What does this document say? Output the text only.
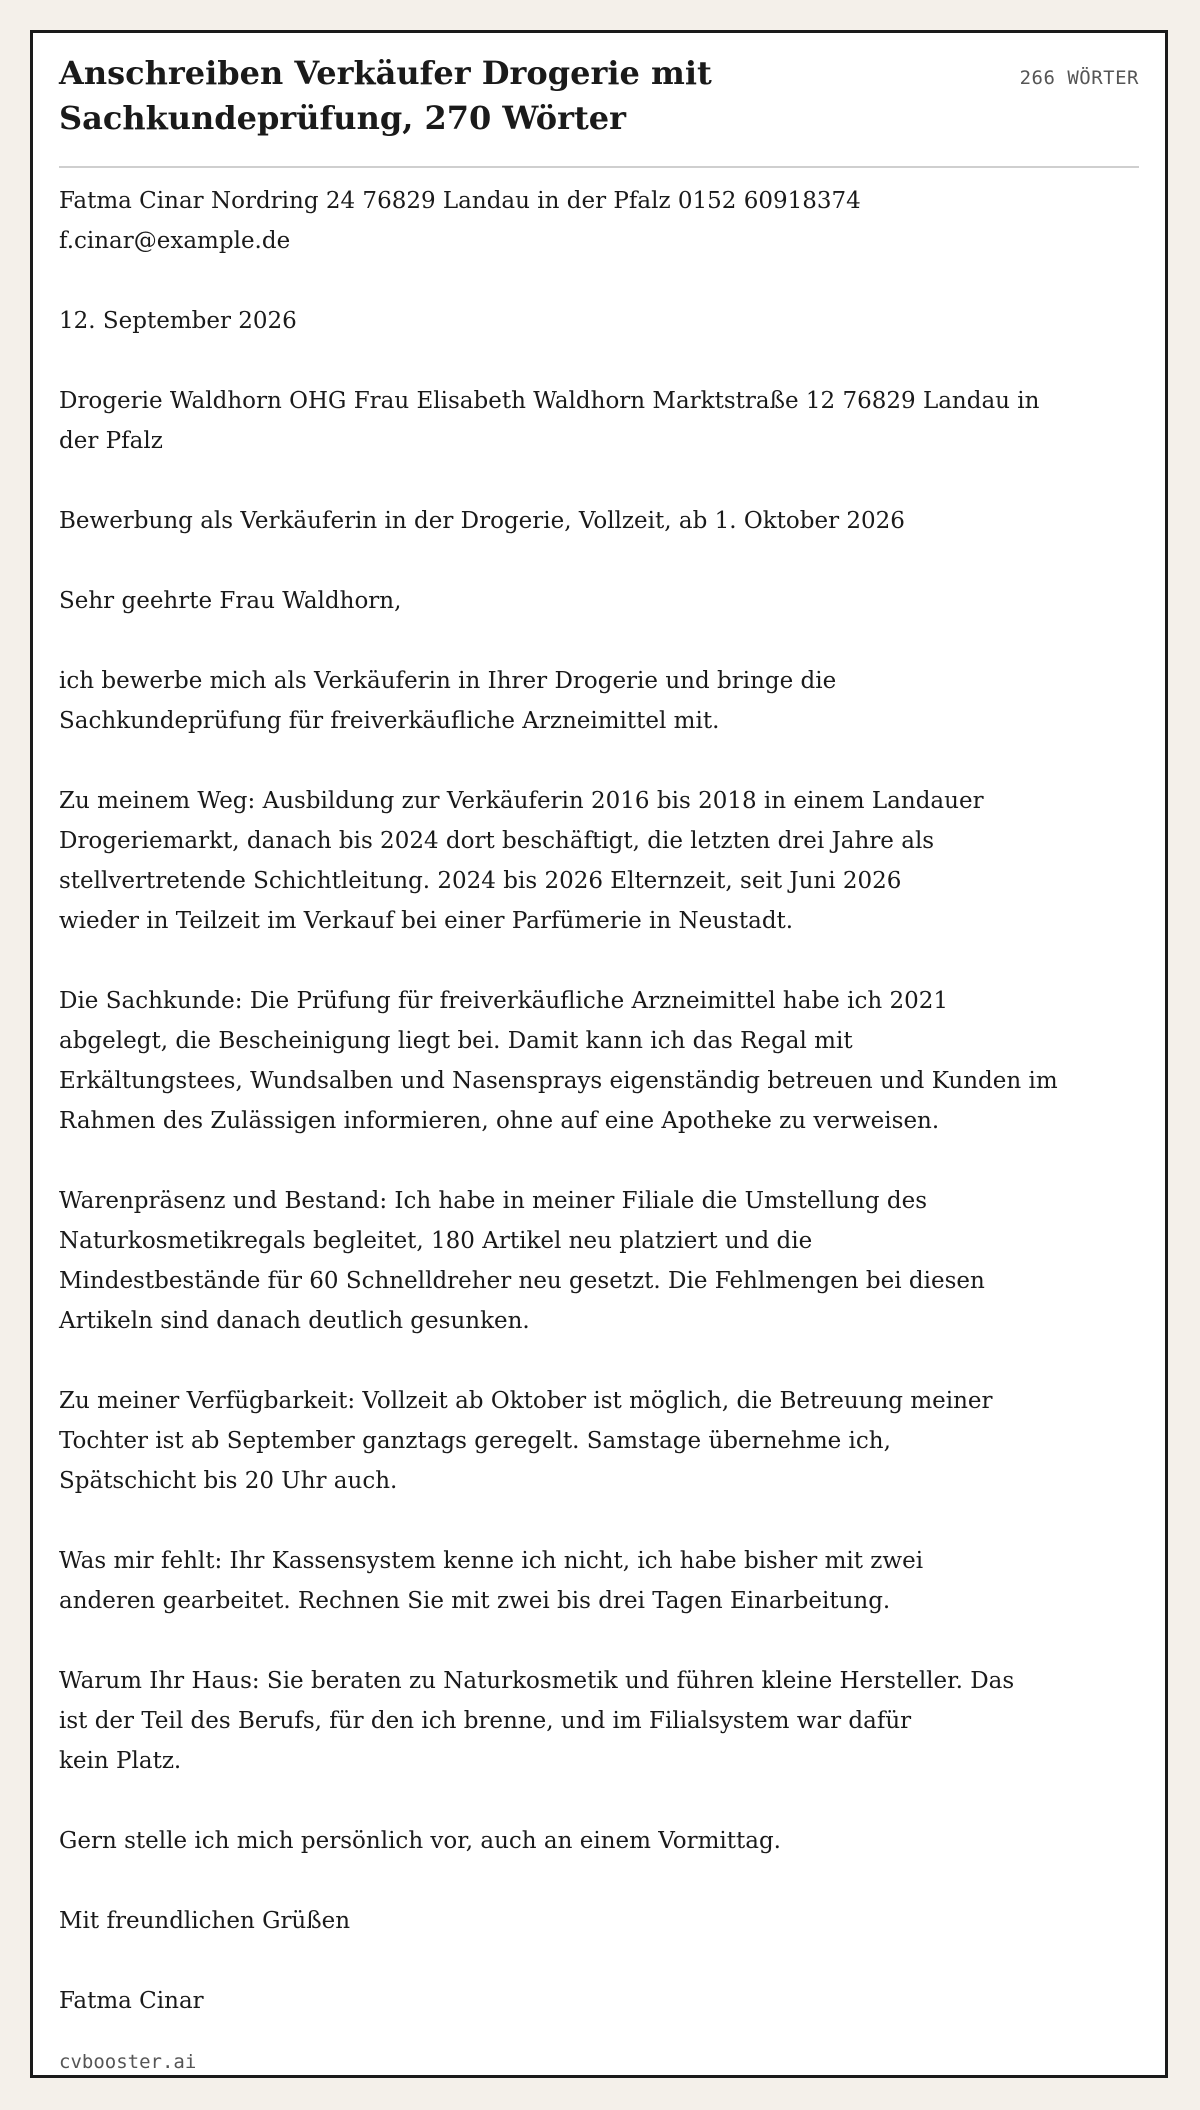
Anschreiben Verkäufer Drogerie mit Sachkundeprüfung, 270 Wörter
266 WÖRTER

Fatma Cinar Nordring 24 76829 Landau in der Pfalz 0152 60918374
f.cinar@example.de

12. September 2026

Drogerie Waldhorn OHG Frau Elisabeth Waldhorn Marktstraße 12 76829 Landau in
der Pfalz

Bewerbung als Verkäuferin in der Drogerie, Vollzeit, ab 1. Oktober 2026

Sehr geehrte Frau Waldhorn,

ich bewerbe mich als Verkäuferin in Ihrer Drogerie und bringe die
Sachkundeprüfung für freiverkäufliche Arzneimittel mit.

Zu meinem Weg: Ausbildung zur Verkäuferin 2016 bis 2018 in einem Landauer
Drogeriemarkt, danach bis 2024 dort beschäftigt, die letzten drei Jahre als
stellvertretende Schichtleitung. 2024 bis 2026 Elternzeit, seit Juni 2026
wieder in Teilzeit im Verkauf bei einer Parfümerie in Neustadt.

Die Sachkunde: Die Prüfung für freiverkäufliche Arzneimittel habe ich 2021
abgelegt, die Bescheinigung liegt bei. Damit kann ich das Regal mit
Erkältungstees, Wundsalben und Nasensprays eigenständig betreuen und Kunden im
Rahmen des Zulässigen informieren, ohne auf eine Apotheke zu verweisen.

Warenpräsenz und Bestand: Ich habe in meiner Filiale die Umstellung des
Naturkosmetikregals begleitet, 180 Artikel neu platziert und die
Mindestbestände für 60 Schnelldreher neu gesetzt. Die Fehlmengen bei diesen
Artikeln sind danach deutlich gesunken.

Zu meiner Verfügbarkeit: Vollzeit ab Oktober ist möglich, die Betreuung meiner
Tochter ist ab September ganztags geregelt. Samstage übernehme ich,
Spätschicht bis 20 Uhr auch.

Was mir fehlt: Ihr Kassensystem kenne ich nicht, ich habe bisher mit zwei
anderen gearbeitet. Rechnen Sie mit zwei bis drei Tagen Einarbeitung.

Warum Ihr Haus: Sie beraten zu Naturkosmetik und führen kleine Hersteller. Das
ist der Teil des Berufs, für den ich brenne, und im Filialsystem war dafür
kein Platz.

Gern stelle ich mich persönlich vor, auch an einem Vormittag.

Mit freundlichen Grüßen

Fatma Cinar

cvbooster.ai
